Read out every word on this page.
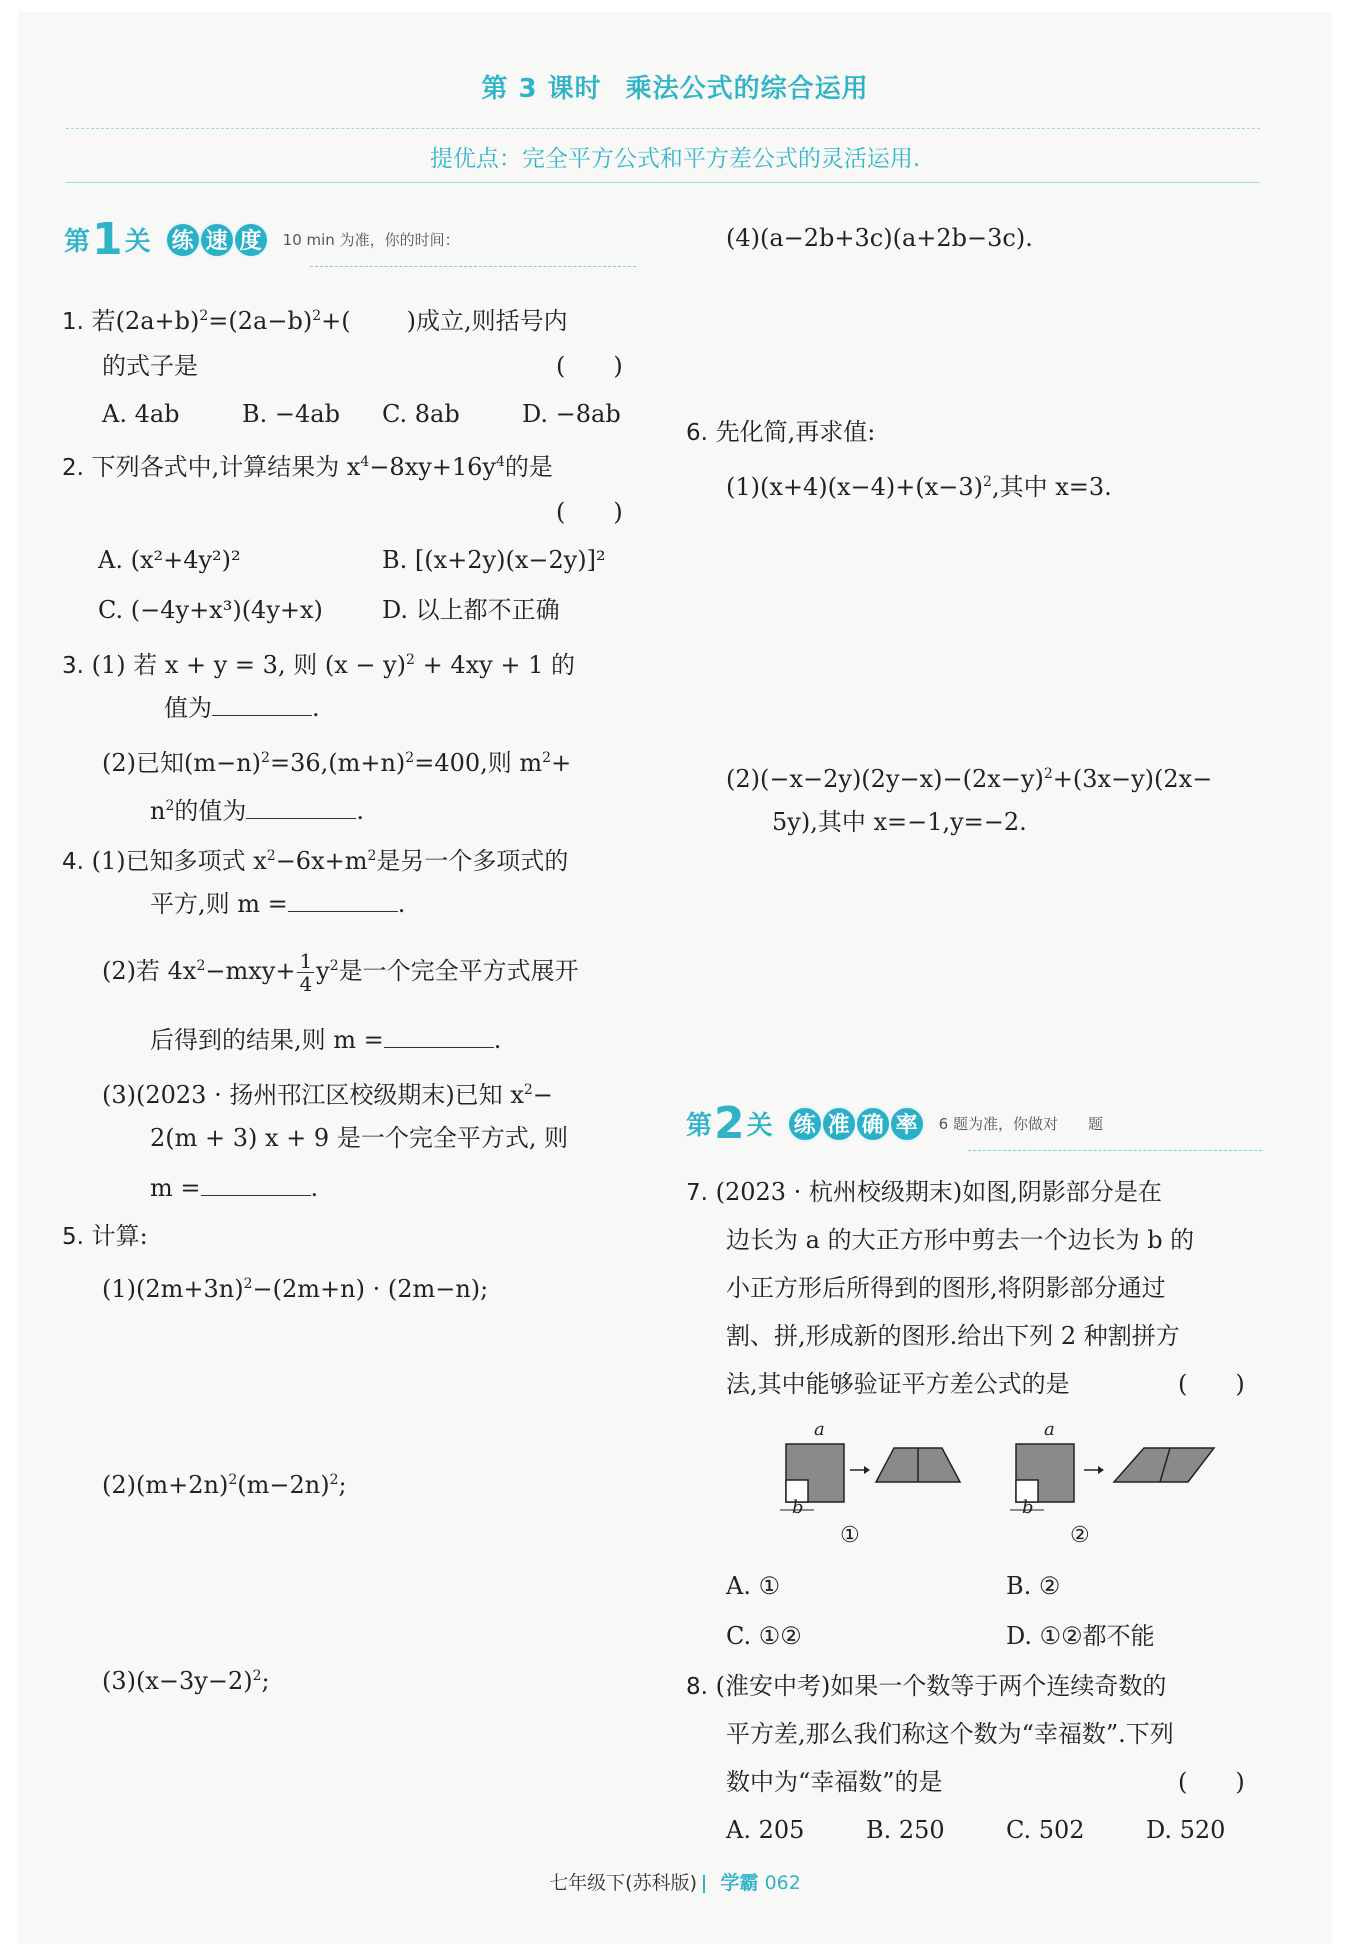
第 3 课时 乘法公式的综合运用
提优点：完全平方公式和平方差公式的灵活运用.
第 1 关 练 速 度	10 min 为准，你的时间：
1. 若$(2a+b)^2=(2a-b)^2+$( )成立,则括号内
的式子是	(　　)
A. 4ab	B. −4ab C. 8ab	D. −8ab
2. 下列各式中,计算结果为 $x^4-8xy+16y^4$的是
(　　)
A. (x²+4y²)²	B. [(x+2y)(x−2y)]²
C. (−4y+x³)(4y+x) D. 以上都不正确
3. (1) 若 x + y = 3, 则 $(x - y)^2 + 4xy + 1$ 的
值为	.
(2)已知$(m-n)^2=36,(m+n)^2=400$,则 $m^2+$
$n^2$的值为	.
4. (1)已知多项式 $x^2-6x+m^2$是另一个多项式的
平方,则 m =	.
(2)若 $4x^2-mxy+ \frac{1}{4} y^2$是一个完全平方式展开
后得到的结果,则 m =	.
(3)(2023 · 扬州邗江区校级期末)已知 $x^2-$
2(m + 3) x + 9 是一个完全平方式, 则
m =	.
5. 计算:
$(1)(2m+3n)^2-(2m+n) \cdot (2m-n)$;
$(2)(m+2n)^2(m-2n)^2$;
$(3)(x-3y-2)^2$;
(4)(a−2b+3c)(a+2b−3c).
6. 先化简,再求值:
$(1)(x+4)(x-4)+(x-3)^2$,其中 x=3.
$(2)(-x-2y)(2y-x)-(2x-y)^2+(3x-y)(2x-$
5y),其中 x=−1,y=−2.
第 2 关 练 准 确 率	6 题为准，你做对　　题
7. (2023 · 杭州校级期末)如图,阴影部分是在
边长为 a 的大正方形中剪去一个边长为 b 的
小正方形后所得到的图形,将阴影部分通过
割、拼,形成新的图形.给出下列 2 种割拼方
法,其中能够验证平方差公式的是	(　　)
a
b
①
a
b
②
A. ①	B. ②
C. ①②	D. ①②都不能
8. (淮安中考)如果一个数等于两个连续奇数的
平方差,那么我们称这个数为“幸福数”.下列
数中为“幸福数”的是	(　　)
A. 205	B. 250	C. 502	D. 520
七年级下(苏科版) 学霸 062
